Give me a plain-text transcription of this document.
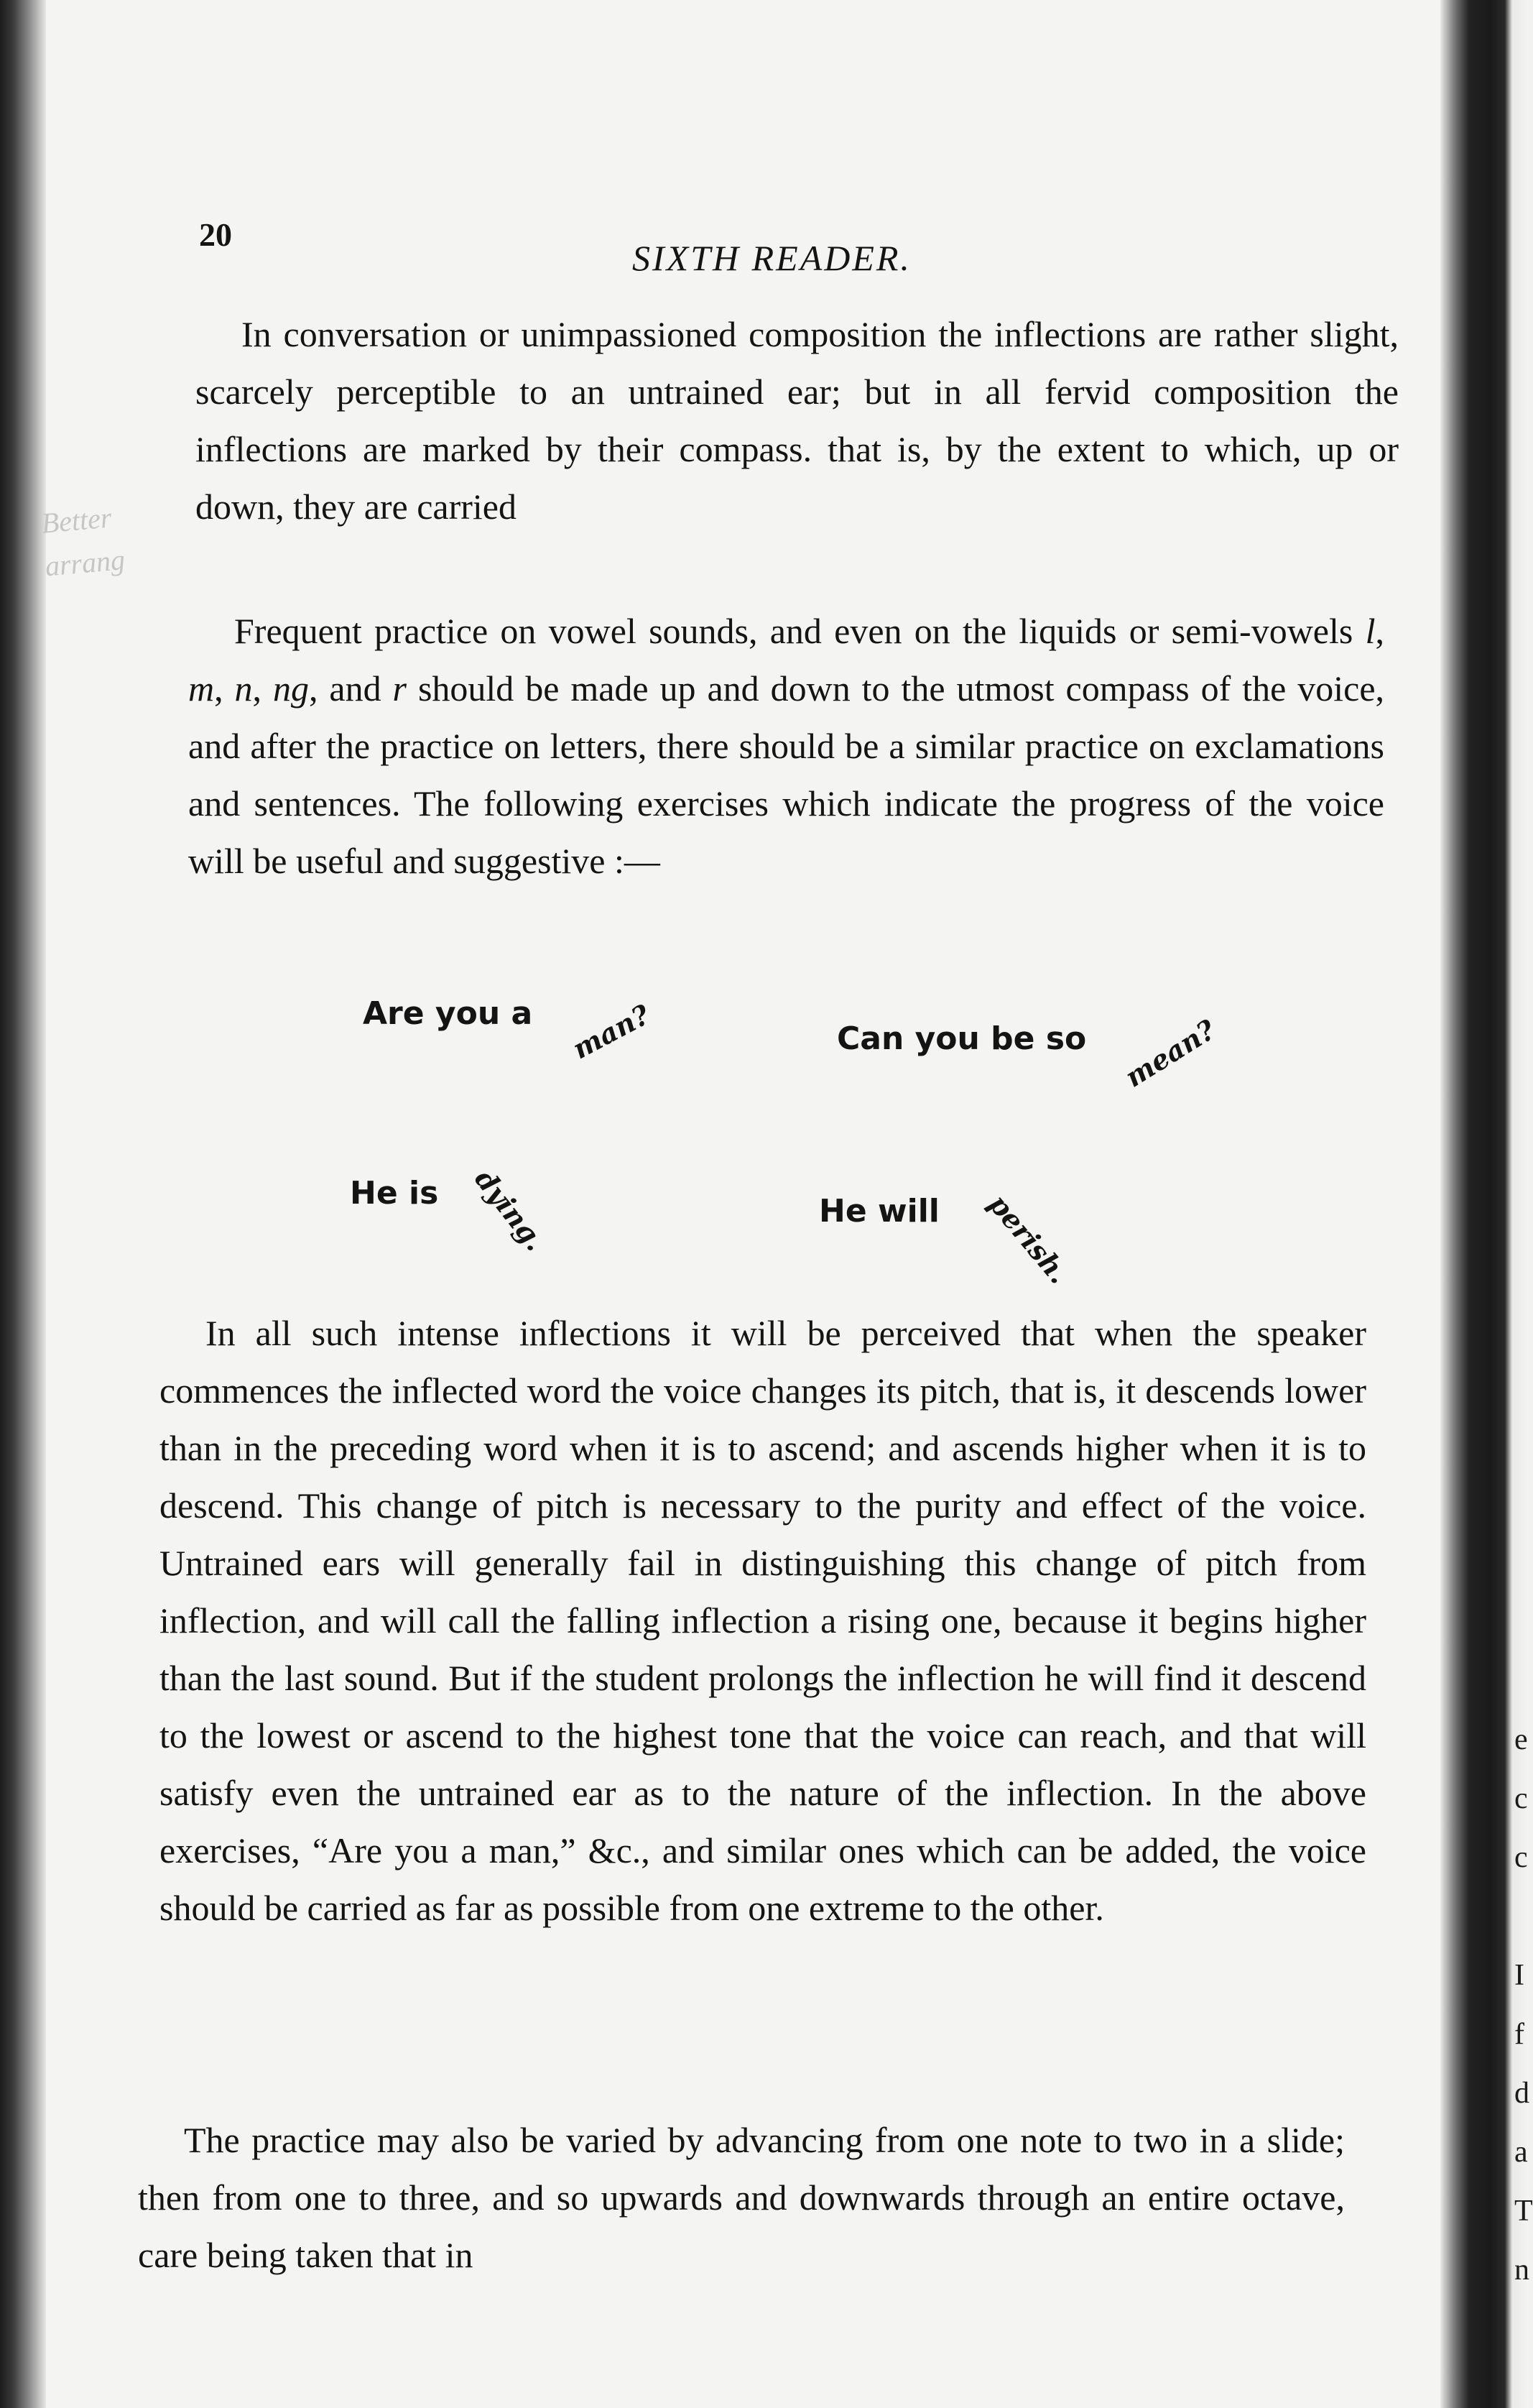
e
c
c

I
f
d
a
T
n
20
SIXTH READER.
Better arrang

In conversation or unimpassioned composition the inflections are rather slight, scarcely perceptible to an untrained ear; but in all fervid composition the inflections are marked by their compass. that is, by the extent to which, up or down, they are carried

Frequent practice on vowel sounds, and even on the liquids or semi-vowels l, m, n, ng, and r should be made up and down to the utmost compass of the voice, and after the practice on letters, there should be a similar practice on exclamations and sentences. The following exercises which indicate the progress of the voice will be useful and suggestive :—

Are you a man?	Can you be so mean?
He is dying.	He will perish.

In all such intense inflections it will be perceived that when the speaker commences the inflected word the voice changes its pitch, that is, it descends lower than in the preceding word when it is to ascend; and ascends higher when it is to descend. This change of pitch is necessary to the purity and effect of the voice. Untrained ears will generally fail in distinguishing this change of pitch from inflection, and will call the falling inflection a rising one, because it begins higher than the last sound. But if the student prolongs the inflection he will find it descend to the lowest or ascend to the highest tone that the voice can reach, and that will satisfy even the untrained ear as to the nature of the inflection. In the above exercises, “Are you a man,” &c., and similar ones which can be added, the voice should be carried as far as possible from one extreme to the other.

The practice may also be varied by advancing from one note to two in a slide; then from one to three, and so upwards and downwards through an entire octave, care being taken that in
